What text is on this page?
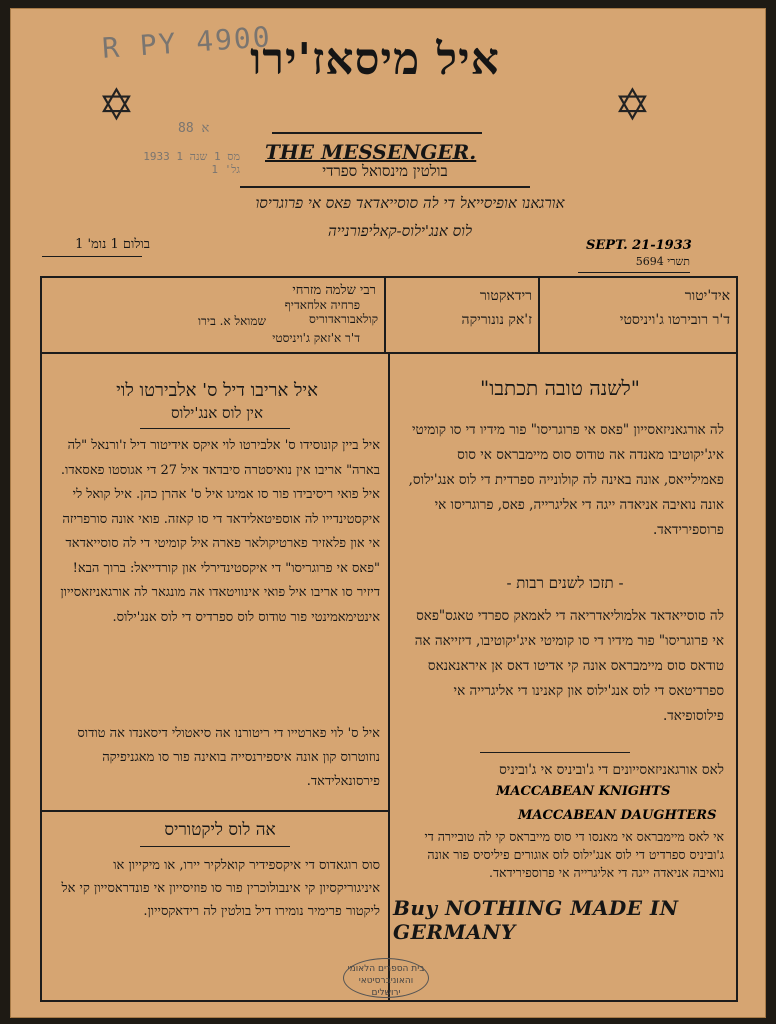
R PY 4900
88 א
מס 1 שנה 1 1933 גל' 1
✡	✡
איל מיסאז'ירו
THE MESSENGER.
בולטין מינסואל ספרדי
אורגאנו אופיסייאל די לה סוסייאדאד פאס אי פרוגריסו
לוס אנג'ילוס-קאליפורנייה
בולום 1 נומ' 1	SEPT. 21-1933
תשרי 5694
איד'יטור
ד'ר רובירטו ג'ויניסטי
רידאקטור
ז'אק נונוריקה
רבי שלמה מזרחי
פרחיה אלחאדיף
קולאבוראדוריס
שמואל א. בירו
ד'ר א'זאק ג'ויניסטי
"לשנה טובה תכתבו"
לה אורגאניזאסייון "פאס אי פרוגריסו" פור מידיו די סו קומיטי איג'יקוטיבו מאנדה אה טודוס סוס מיימבראס אי סוס פאמילייאס, אונה באינה לה קולונייה ספרדית די לוס אנג'ילוס, אונה נואיבה אניאדה ייגה די אליגרייה, פאס, פרוגריסו אי פרוספירידאד.
- תזכו לשנים רבות -
לה סוסייאדאד אלמוליאדריאה די לאמאק ספרדי טאגס"פאס אי פרוגריסו" פור מידיו די סו קומיטי איג'יקוטיבו, דיזייאה אה טודאס סוס מיימבראס אונה קי אדיטו דאס אן איראנאנאס ספרדיטאס די לוס אנג'ילוס און קאנינו די אליגרייה אי פילוסופיאד.
לאס אורגאניזאסייונים די ג'וביניס אי ג'וביניס
MACCABEAN KNIGHTS
MACCABEAN DAUGHTERS
אי לאס מיימבראס אי מאנסו די סוס מייבראס קי לה טוביירה די ג'וביניס ספרדיט די לוס אנג'ילוס לוס אוגורים פיליסיס פור אונה נואיבה אניאדה ייגה די אליגרייה אי פרוספירידאד.
Buy NOTHING MADE IN GERMANY
איל אריבו דיל ס' אלבירטו לוי
אין לוס אנג'ילוס
איל ביין קונוסידו ס' אלבירטו לוי איקס אידיטור דיל ז'ורנאל "לה בארה" אריבו אין נואיסטרה סיבדאד איל 27 די אגוסטו פאסאדו. איל פואי ריסיבידו פור סו אמיגו איל ס' אהרן כהן. איל קואל לי איקסטינדייו לה אוספיטאלידאד די סו קאזה. פואי אונה סורפריזה אי און פלאזיר פארטיקולאר פארה איל קומיטי די לה סוסייאדאד "פאס אי פרוגריסו" די איקסטינדירלי און קורדייאל: ברוך הבא! דיזיר סו אריבו איל פואי אינוויטאדו אה מונגאר לה אורגאניזאסייון אינטימאמינטי פור טודוס לוס ספרדיס די לוס אנג'ילוס.
איל ס' לוי פארטייו די ריטורנו אה סיאטולי דיסאנדו אה טודוס נוזוטרוס קון אונה איספירנסייה בואינה פור סו מאגניפיקה פירסונאלידאד.
אה לוס ליקטוריס
סוס רוגאדוס די איקספידיר קואלקיר יירו, או מיקייון או איניגוריקסיון קי אינבולוכרין פור סו פוזיסייון אי פונדראסייון קי אל ליקטור פרימיר נומירו דיל בולטין לה רידאקסייון.
בית הספרים הלאומי
והאוניברסיטאי
ירושלים
